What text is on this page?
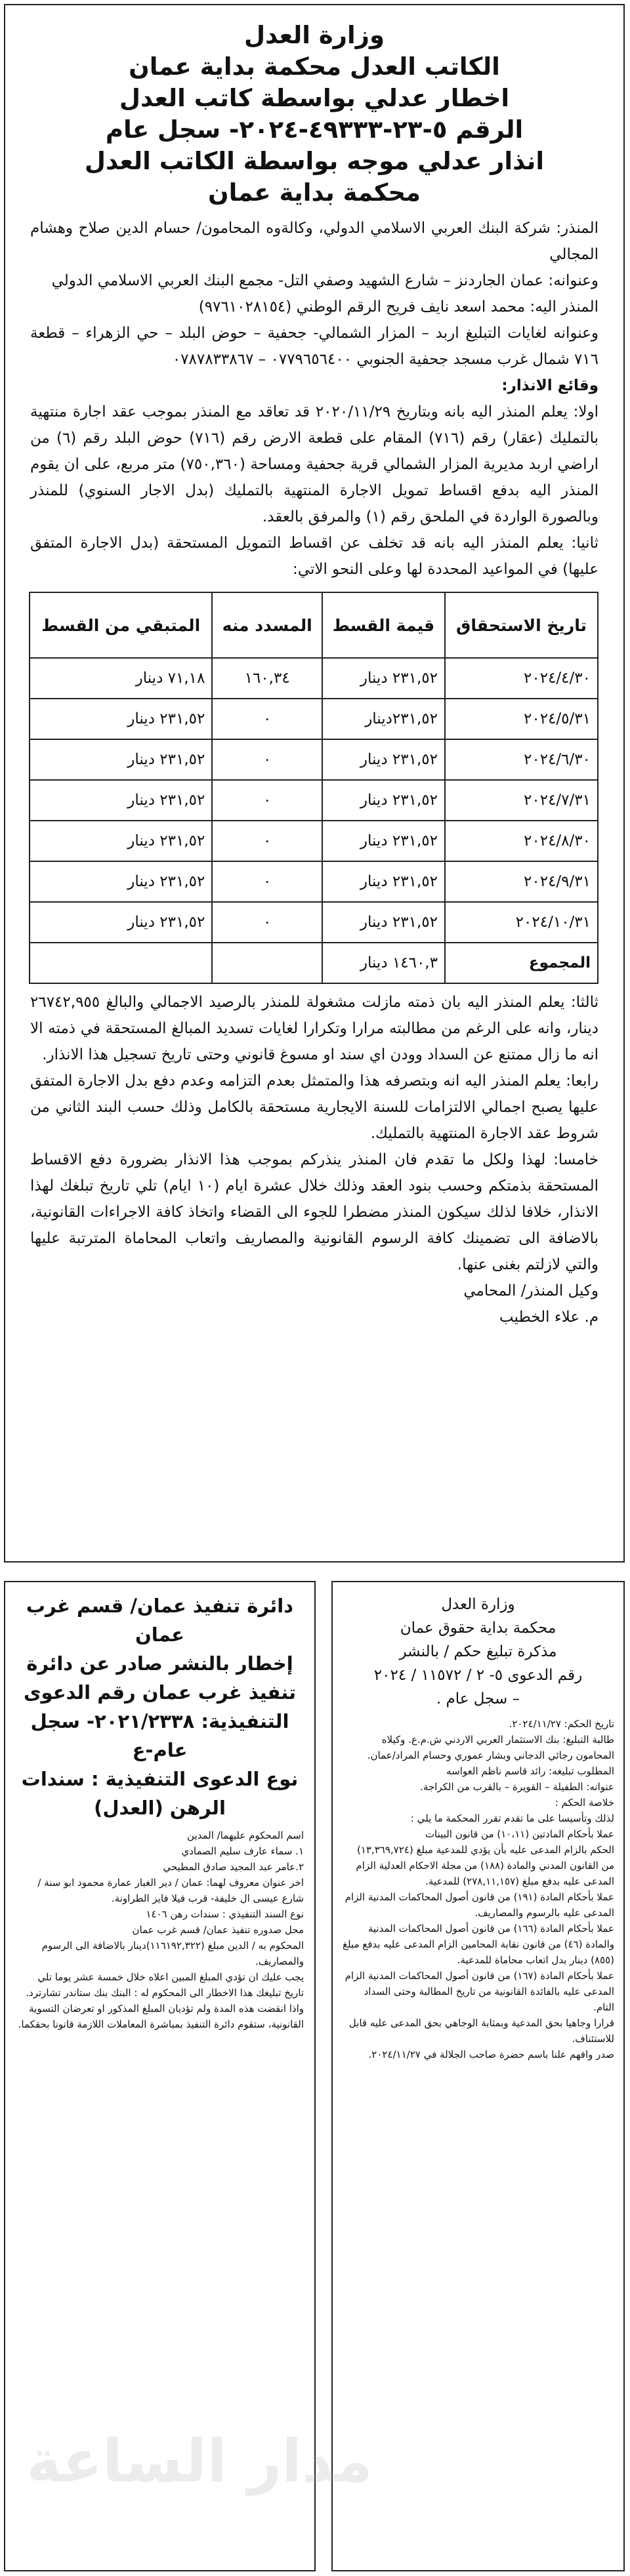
وزارة العدل

الكاتب العدل محكمة بداية عمان

اخطار عدلي بواسطة كاتب العدل

الرقم ٥-٢٣-٤٩٣٣٣-٢٠٢٤- سجل عام

انذار عدلي موجه بواسطة الكاتب العدل

محكمة بداية عمان

المنذر: شركة البنك العربي الاسلامي الدولي، وكالةوه المحامون/ حسام الدين صلاح وهشام المجالي

وعنوانه: عمان الجاردنز – شارع الشهيد وصفي التل- مجمع البنك العربي الاسلامي الدولي

المنذر اليه: محمد اسعد نايف فريح الرقم الوطني (٩٧٦١٠٢٨١٥٤)

وعنوانه لغايات التبليغ اربد – المزار الشمالي- جحفية – حوض البلد – حي الزهراء – قطعة ٧١٦ شمال غرب مسجد جحفية الجنوبي ٠٧٧٩٦٥٦٤٠٠ – ٠٧٨٧٨٣٣٨٦٧

وقائع الانذار:

اولا: يعلم المنذر اليه بانه وبتاريخ ٢٠٢٠/١١/٢٩ قد تعاقد مع المنذر بموجب عقد اجارة منتهية بالتمليك (عقار) رقم (٧١٦) المقام على قطعة الارض رقم (٧١٦) حوض البلد رقم (٦) من اراضي اربد مديرية المزار الشمالي قرية جحفية ومساحة (٧٥٠,٣٦٠) متر مربع، على ان يقوم المنذر اليه بدفع اقساط تمويل الاجارة المنتهية بالتمليك (بدل الاجار السنوي) للمنذر وبالصورة الواردة في الملحق رقم (١) والمرفق بالعقد.

ثانيا: يعلم المنذر اليه بانه قد تخلف عن اقساط التمويل المستحقة (بدل الاجارة المتفق عليها) في المواعيد المحددة لها وعلى النحو الاتي:

تاريخ الاستحقاق	قيمة القسط	المسدد منه	المتبقي من القسط
٢٠٢٤/٤/٣٠	٢٣١,٥٢ دينار	١٦٠,٣٤	٧١,١٨ دينار
٢٠٢٤/٥/٣١	٢٣١,٥٢دينار	٠	٢٣١,٥٢ دينار
٢٠٢٤/٦/٣٠	٢٣١,٥٢ دينار	٠	٢٣١,٥٢ دينار
٢٠٢٤/٧/٣١	٢٣١,٥٢ دينار	٠	٢٣١,٥٢ دينار
٢٠٢٤/٨/٣٠	٢٣١,٥٢ دينار	٠	٢٣١,٥٢ دينار
٢٠٢٤/٩/٣١	٢٣١,٥٢ دينار	٠	٢٣١,٥٢ دينار
٢٠٢٤/١٠/٣١	٢٣١,٥٢ دينار	٠	٢٣١,٥٢ دينار
المجموع	١٤٦٠,٣ دينار		

ثالثا: يعلم المنذر اليه بان ذمته مازلت مشغولة للمنذر بالرصيد الاجمالي والبالغ ٢٦٧٤٢,٩٥٥ دينار، وانه على الرغم من مطالبته مرارا وتكرارا لغايات تسديد المبالغ المستحقة في ذمته الا انه ما زال ممتنع عن السداد وودن اي سند او مسوغ قانوني وحتى تاريخ تسجيل هذا الانذار.

رابعا: يعلم المنذر اليه انه وبتصرفه هذا والمتمثل بعدم التزامه وعدم دفع بدل الاجارة المتفق عليها يصبح اجمالي الالتزامات للسنة الايجارية مستحقة بالكامل وذلك حسب البند الثاني من شروط عقد الاجارة المنتهية بالتمليك.

خامسا: لهذا ولكل ما تقدم فان المنذر ينذركم بموجب هذا الانذار بضرورة دفع الاقساط المستحقة بذمتكم وحسب بنود العقد وذلك خلال عشرة ايام (١٠ ايام) تلي تاريخ تبلغك لهذا الانذار، خلافا لذلك سيكون المنذر مضطرا للجوء الى القضاء واتخاذ كافة الاجراءات القانونية، بالاضافة الى تضمينك كافة الرسوم القانونية والمصاريف واتعاب المحاماة المترتبة عليها والتي لازلتم بغنى عنها.

وكيل المنذر/ المحامي

م. علاء الخطيب

دائرة تنفيذ عمان/ قسم غرب عمان

إخطار بالنشر صادر عن دائرة تنفيذ غرب عمان رقم الدعوى

التنفيذية: ٢٠٢١/٢٣٣٨- سجل عام-ع

نوع الدعوى التنفيذية : سندات الرهن (العدل)

اسم المحكوم عليهما/ المدين

١. سماء عارف سليم الصمادي

٢.عامر عبد المجيد صادق المطيحي

اخر عنوان معروف لهما: عمان / دير الغبار عمارة محمود ابو سنة / شارع عيسى ال خليفة- قرب فيلا فايز الطراونة.

نوع السند التنفيذي : سندات رهن ١٤٠٦

محل صدوره تنفيذ عمان/ قسم غرب عمان

المحكوم به / الدين مبلغ (١١٦١٩٢,٣٢٢)دينار بالاضافة الى الرسوم والمصاريف.

يجب عليك ان تؤدي المبلغ المبين اعلاه خلال خمسة عشر يوما تلي تاريخ تبليغك هذا الاخطار الى المحكوم له : البنك بنك ستاندر تشارترد.

واذا انقضت هذه المدة ولم تؤديان المبلغ المذكور او تعرضان التسوية القانونية، ستقوم دائرة التنفيذ بمباشرة المعاملات اللازمة قانونا بحقكما.

وزارة العدل

محكمة بداية حقوق عمان

مذكرة تبليغ حكم / بالنشر

رقم الدعوى ٥- ٢ / ١١٥٧٢ / ٢٠٢٤

– سجل عام .

تاريخ الحكم: ٢٠٢٤/١١/٢٧.

طالبة التبليغ: بنك الاستثمار العربي الاردني ش.م.ع. وكيلاه المحامون رجائي الدجاني وبشار عموري وحسام المراد/عمان.

المطلوب تبليغه: رائد قاسم ناظم العواسه

عنوانه: الطفيلة – القويرة – بالقرب من الكراجة.

خلاصة الحكم :

لذلك وتأسيسا على ما تقدم تقرر المحكمة ما يلي :

عملا بأحكام المادتين (١٠،١١) من قانون البينات

الحكم بالزام المدعى عليه بأن يؤدي للمدعية مبلغ (١٣,٣٦٩,٧٢٤) من القانون المدني والمادة (١٨٨) من مجلة الاحكام العدلية الزام المدعى عليه بدفع مبلغ (٢٧٨,١١,١٥٧) للمدعية.

عملا بأحكام المادة (١٩١) من قانون أصول المحاكمات المدنية الزام المدعى عليه بالرسوم والمصاريف.

عملا بأحكام المادة (١٦٦) من قانون أصول المحاكمات المدنية والمادة (٤٦) من قانون نقابة المحامين الزام المدعى عليه بدفع مبلغ (٨٥٥) دينار بدل اتعاب محاماة للمدعية.

عملا بأحكام المادة (١٦٧) من قانون أصول المحاكمات المدنية الزام المدعى عليه بالفائدة القانونية من تاريخ المطالبة وحتى السداد التام.

قرارا وجاهيا بحق المدعية وبمثابة الوجاهي بحق المدعى عليه قابل للاستئناف.

صدر وافهم علنا باسم حضرة صاحب الجلالة في ٢٠٢٤/١١/٢٧.

مدار الساعة
